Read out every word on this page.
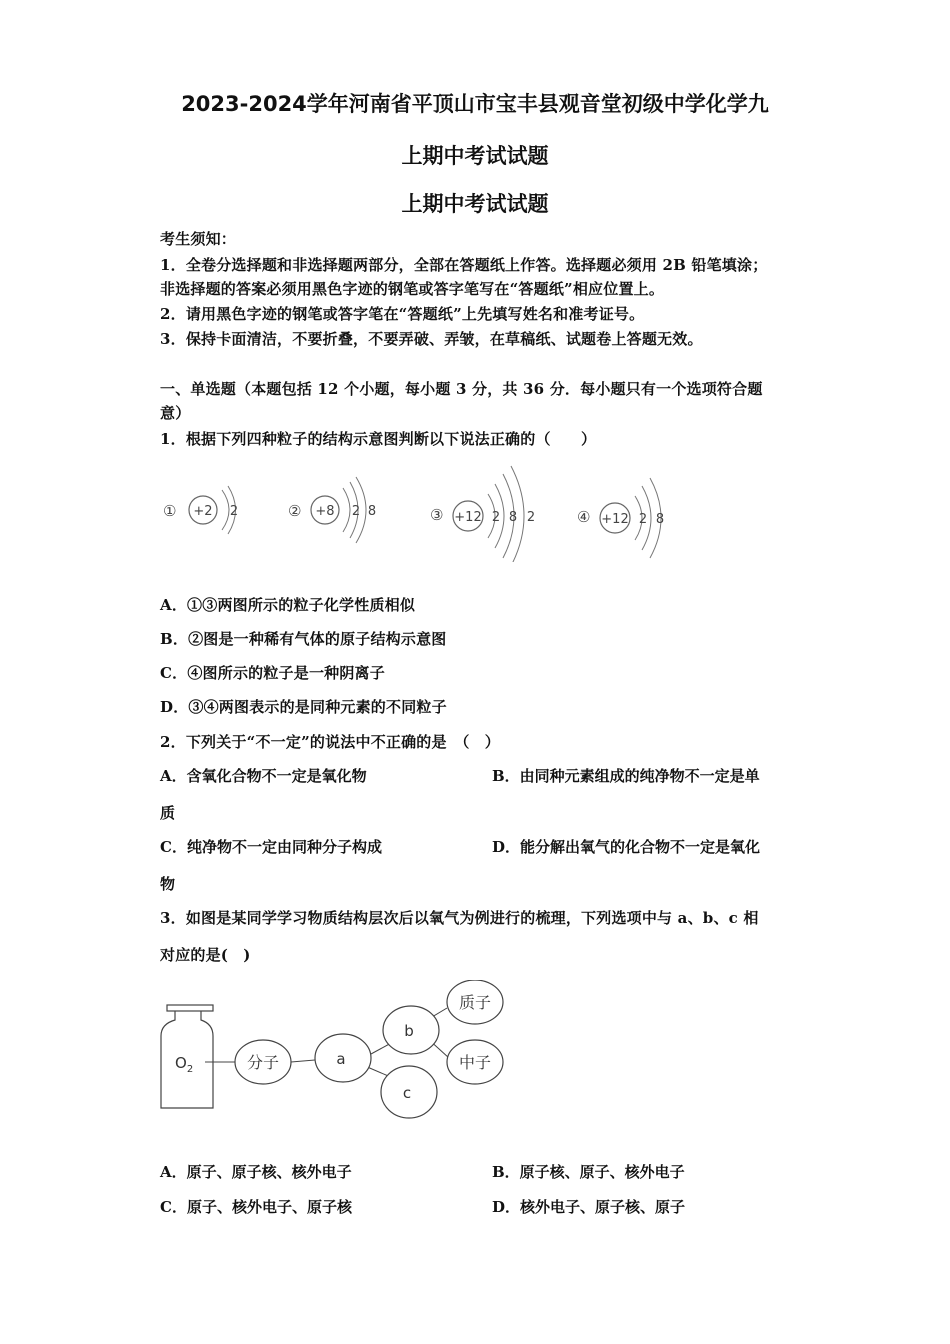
2023-2024学年河南省平顶山市宝丰县观音堂初级中学化学九
上期中考试试题
上期中考试试题
考生须知：
1．全卷分选择题和非选择题两部分，全部在答题纸上作答。选择题必须用 2B 铅笔填涂；
非选择题的答案必须用黑色字迹的钢笔或答字笔写在“答题纸”相应位置上。
2．请用黑色字迹的钢笔或答字笔在“答题纸”上先填写姓名和准考证号。
3．保持卡面清洁，不要折叠，不要弄破、弄皱，在草稿纸、试题卷上答题无效。
一、单选题（本题包括 12 个小题，每小题 3 分，共 36 分．每小题只有一个选项符合题
意）
1．根据下列四种粒子的结构示意图判断以下说法正确的（　　）
① +2 2	② +8 2 8	③ +12 2 8 2	④ +12 2 8
A．①③两图所示的粒子化学性质相似
B．②图是一种稀有气体的原子结构示意图
C．④图所示的粒子是一种阴离子
D．③④两图表示的是同种元素的不同粒子
2．下列关于“不一定”的说法中不正确的是　（　）
A．含氧化合物不一定是氧化物	B．由同种元素组成的纯净物不一定是单
质
C．纯净物不一定由同种分子构成	D．能分解出氧气的化合物不一定是氧化
物
3．如图是某同学学习物质结构层次后以氧气为例进行的梳理，下列选项中与 a、b、c 相
对应的是(　)
$O_2$	分子	a
b
c
质子
中子
A．原子、原子核、核外电子	B．原子核、原子、核外电子
C．原子、核外电子、原子核	D．核外电子、原子核、原子
